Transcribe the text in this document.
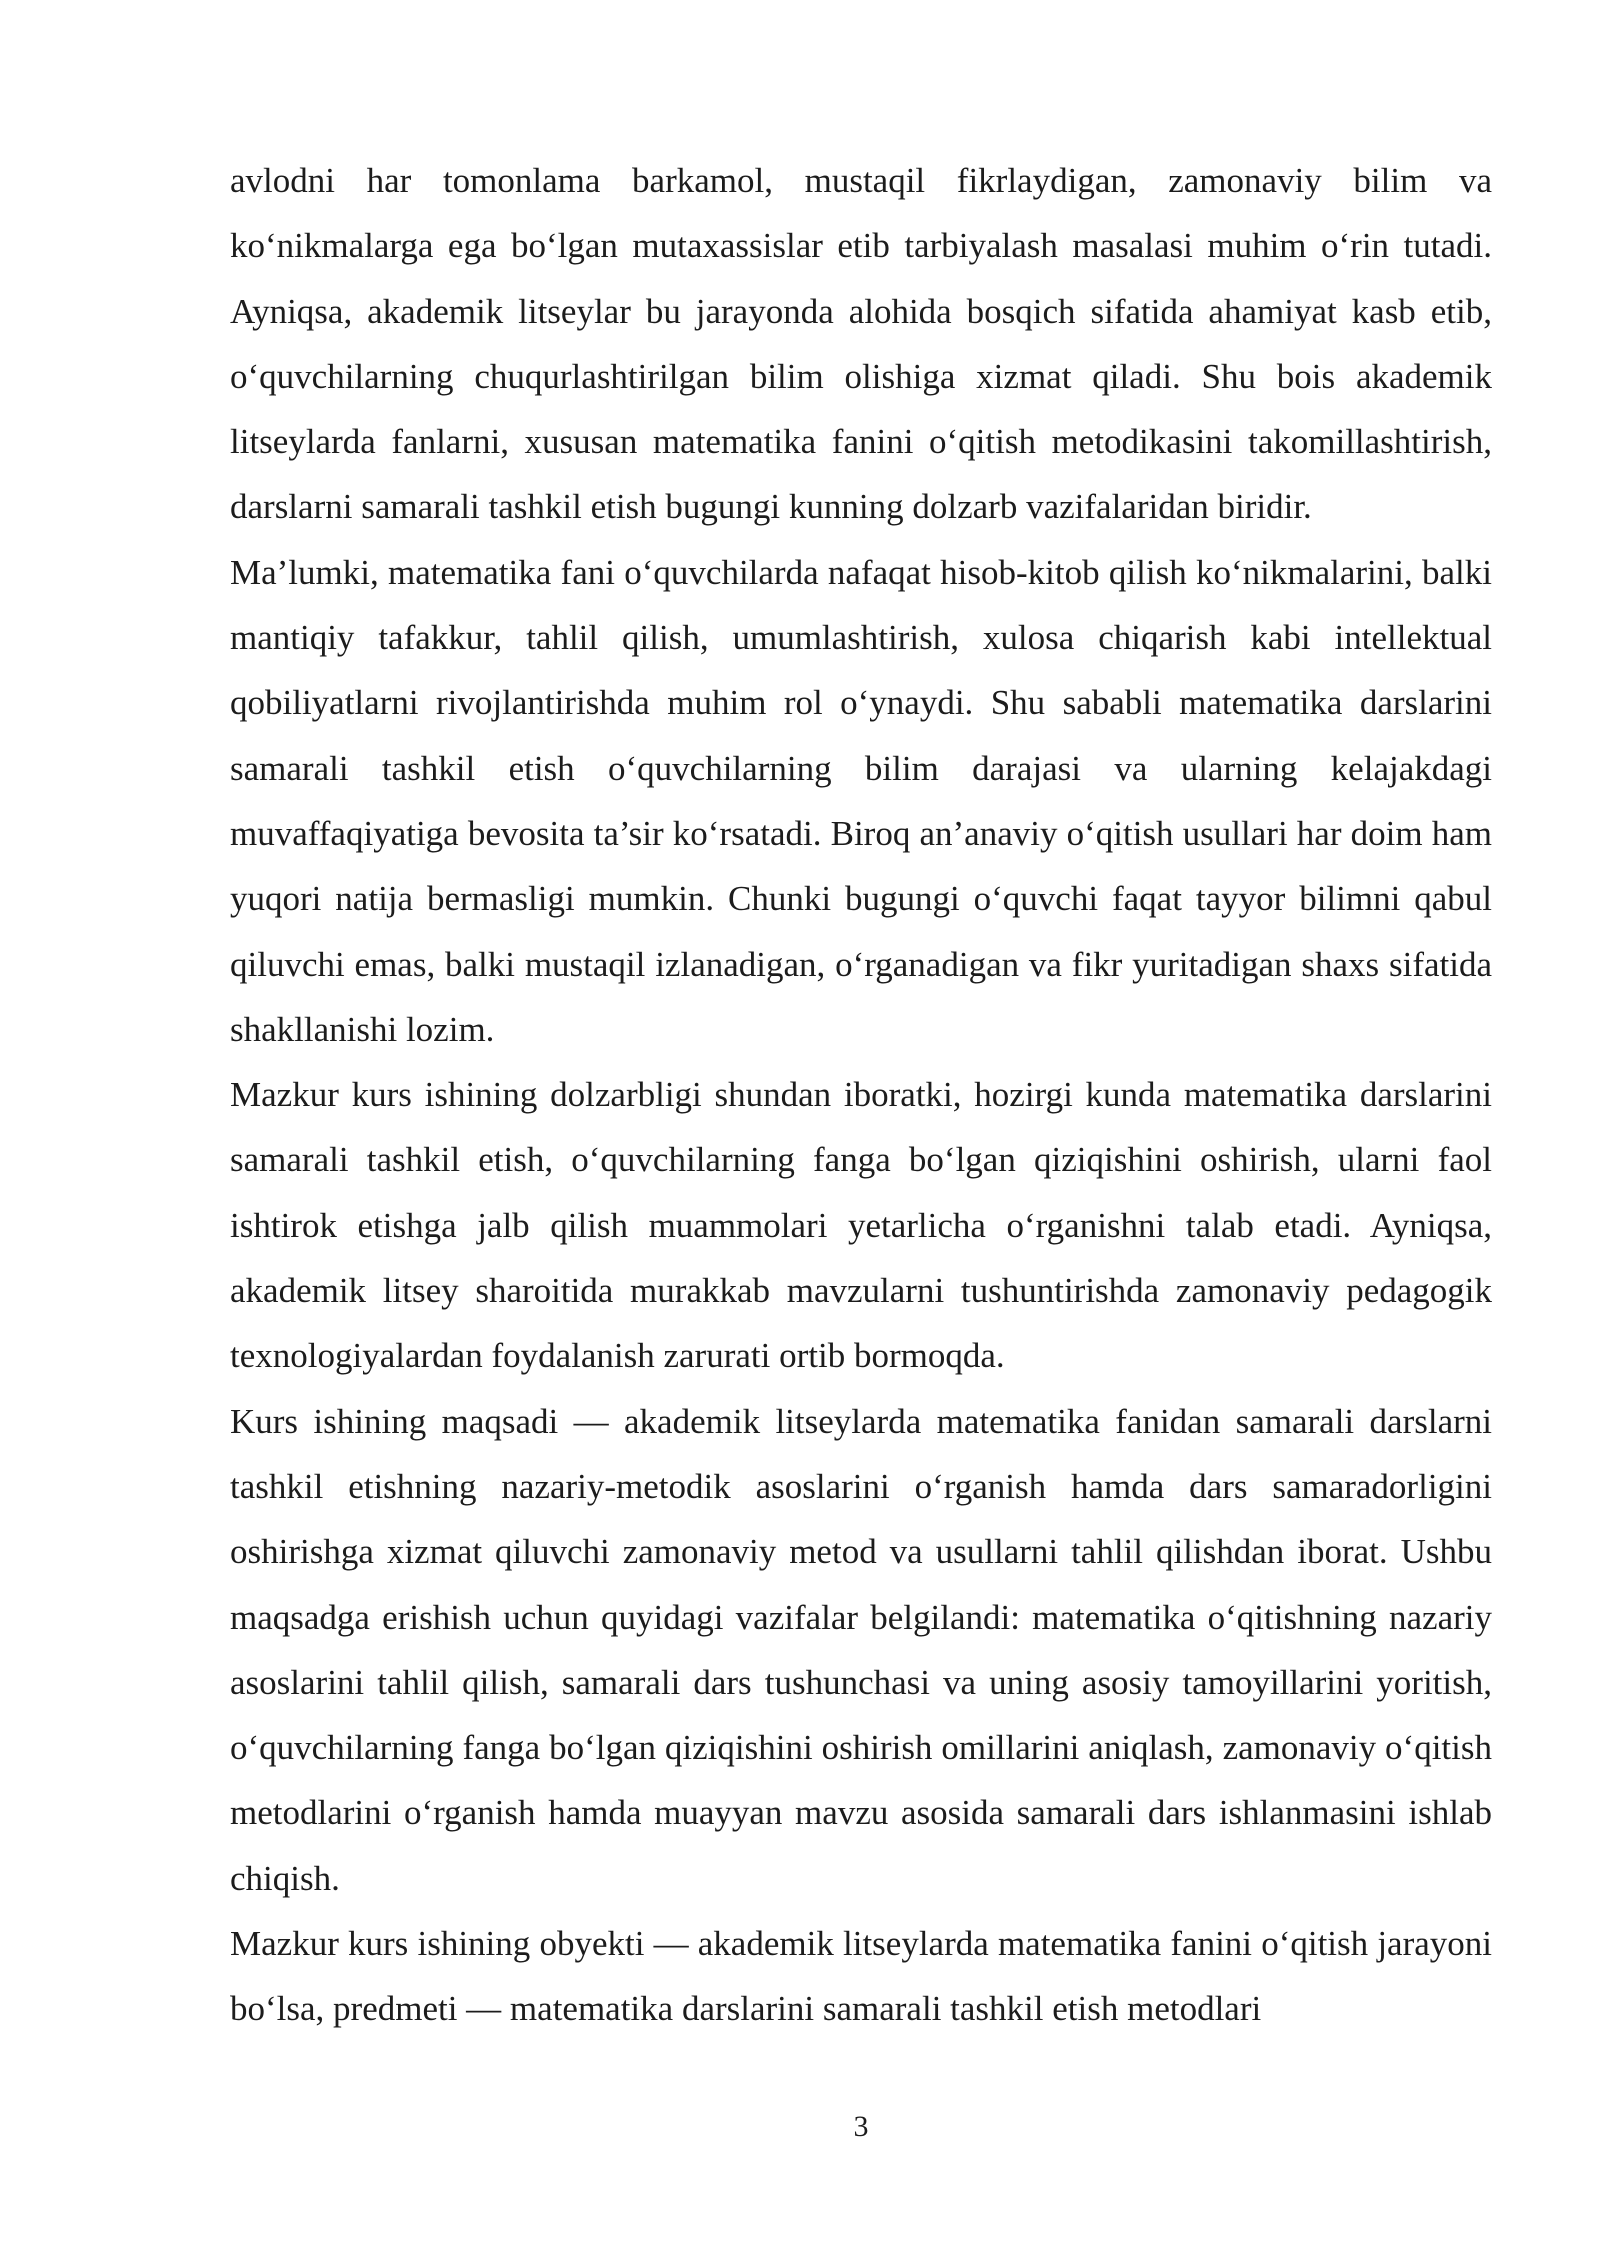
avlodni har tomonlama barkamol, mustaqil fikrlaydigan, zamonaviy bilim va ko‘nikmalarga ega bo‘lgan mutaxassislar etib tarbiyalash masalasi muhim o‘rin tutadi. Ayniqsa, akademik litseylar bu jarayonda alohida bosqich sifatida ahamiyat kasb etib, o‘quvchilarning chuqurlashtirilgan bilim olishiga xizmat qiladi. Shu bois akademik litseylarda fanlarni, xususan matematika fanini o‘qitish metodikasini takomillashtirish, darslarni samarali tashkil etish bugungi kunning dolzarb vazifalaridan biridir.

Ma’lumki, matematika fani o‘quvchilarda nafaqat hisob-kitob qilish ko‘nikmalarini, balki mantiqiy tafakkur, tahlil qilish, umumlashtirish, xulosa chiqarish kabi intellektual qobiliyatlarni rivojlantirishda muhim rol o‘ynaydi. Shu sababli matematika darslarini samarali tashkil etish o‘quvchilarning bilim darajasi va ularning kelajakdagi muvaffaqiyatiga bevosita ta’sir ko‘rsatadi. Biroq an’anaviy o‘qitish usullari har doim ham yuqori natija bermasligi mumkin. Chunki bugungi o‘quvchi faqat tayyor bilimni qabul qiluvchi emas, balki mustaqil izlanadigan, o‘rganadigan va fikr yuritadigan shaxs sifatida shakllanishi lozim.

Mazkur kurs ishining dolzarbligi shundan iboratki, hozirgi kunda matematika darslarini samarali tashkil etish, o‘quvchilarning fanga bo‘lgan qiziqishini oshirish, ularni faol ishtirok etishga jalb qilish muammolari yetarlicha o‘rganishni talab etadi. Ayniqsa, akademik litsey sharoitida murakkab mavzularni tushuntirishda zamonaviy pedagogik texnologiyalardan foydalanish zarurati ortib bormoqda.

Kurs ishining maqsadi — akademik litseylarda matematika fanidan samarali darslarni tashkil etishning nazariy-metodik asoslarini o‘rganish hamda dars samaradorligini oshirishga xizmat qiluvchi zamonaviy metod va usullarni tahlil qilishdan iborat. Ushbu maqsadga erishish uchun quyidagi vazifalar belgilandi: matematika o‘qitishning nazariy asoslarini tahlil qilish, samarali dars tushunchasi va uning asosiy tamoyillarini yoritish, o‘quvchilarning fanga bo‘lgan qiziqishini oshirish omillarini aniqlash, zamonaviy o‘qitish metodlarini o‘rganish hamda muayyan mavzu asosida samarali dars ishlanmasini ishlab chiqish.

Mazkur kurs ishining obyekti — akademik litseylarda matematika fanini o‘qitish jarayoni bo‘lsa, predmeti — matematika darslarini samarali tashkil etish metodlari

3
